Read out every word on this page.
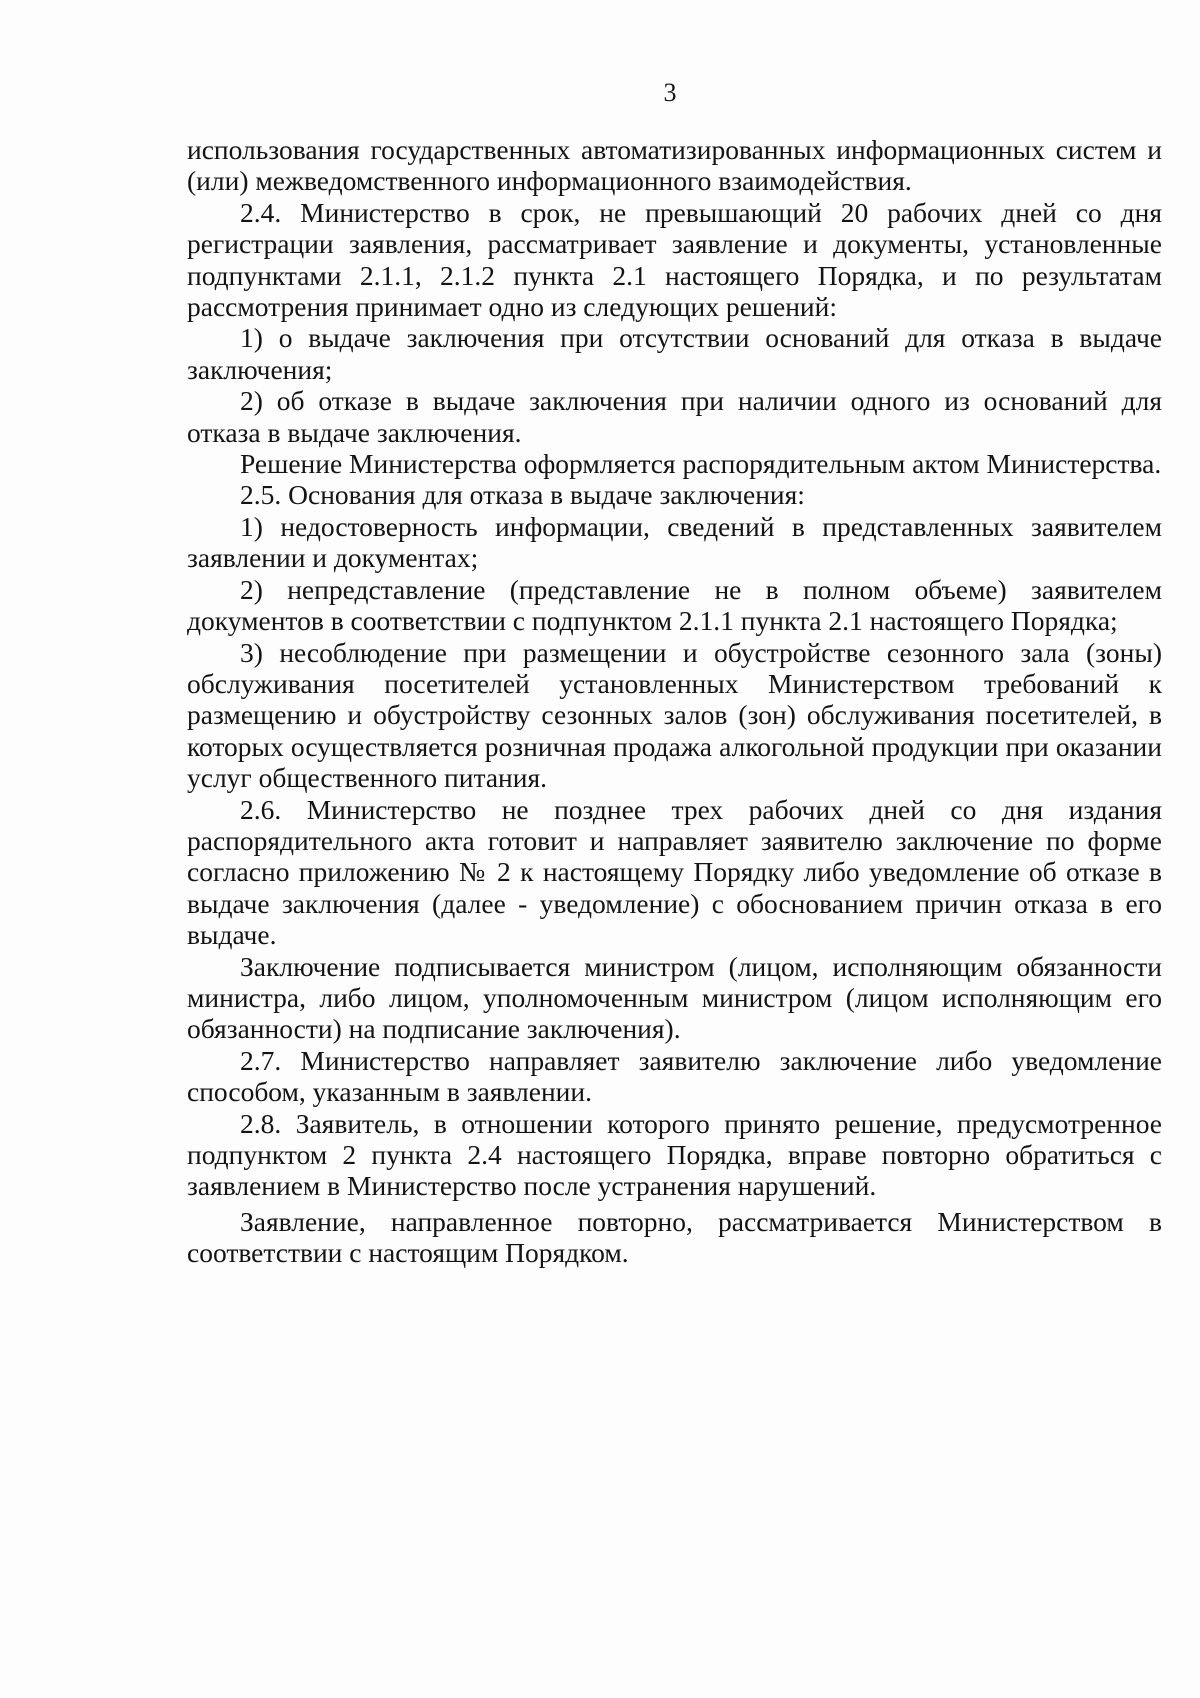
3

использования государственных автоматизированных информационных систем и (или) межведомственного информационного взаимодействия.

2.4. Министерство в срок, не превышающий 20 рабочих дней со дня регистрации заявления, рассматривает заявление и документы, установленные подпунктами 2.1.1, 2.1.2 пункта 2.1 настоящего Порядка, и по результатам рассмотрения принимает одно из следующих решений:

1) о выдаче заключения при отсутствии оснований для отказа в выдаче заключения;

2) об отказе в выдаче заключения при наличии одного из оснований для отказа в выдаче заключения.

Решение Министерства оформляется распорядительным актом Министерства.

2.5. Основания для отказа в выдаче заключения:

1) недостоверность информации, сведений в представленных заявителем заявлении и документах;

2) непредставление (представление не в полном объеме) заявителем документов в соответствии с подпунктом 2.1.1 пункта 2.1 настоящего Порядка;

3) несоблюдение при размещении и обустройстве сезонного зала (зоны) обслуживания посетителей установленных Министерством требований к размещению и обустройству сезонных залов (зон) обслуживания посетителей, в которых осуществляется розничная продажа алкогольной продукции при оказании услуг общественного питания.

2.6. Министерство не позднее трех рабочих дней со дня издания распорядительного акта готовит и направляет заявителю заключение по форме согласно приложению № 2 к настоящему Порядку либо уведомление об отказе в выдаче заключения (далее - уведомление) с обоснованием причин отказа в его выдаче.

Заключение подписывается министром (лицом, исполняющим обязанности министра, либо лицом, уполномоченным министром (лицом исполняющим его обязанности) на подписание заключения).

2.7. Министерство направляет заявителю заключение либо уведомление способом, указанным в заявлении.

2.8. Заявитель, в отношении которого принято решение, предусмотренное подпунктом 2 пункта 2.4 настоящего Порядка, вправе повторно обратиться с заявлением в Министерство после устранения нарушений.

Заявление, направленное повторно, рассматривается Министерством в соответствии с настоящим Порядком.
